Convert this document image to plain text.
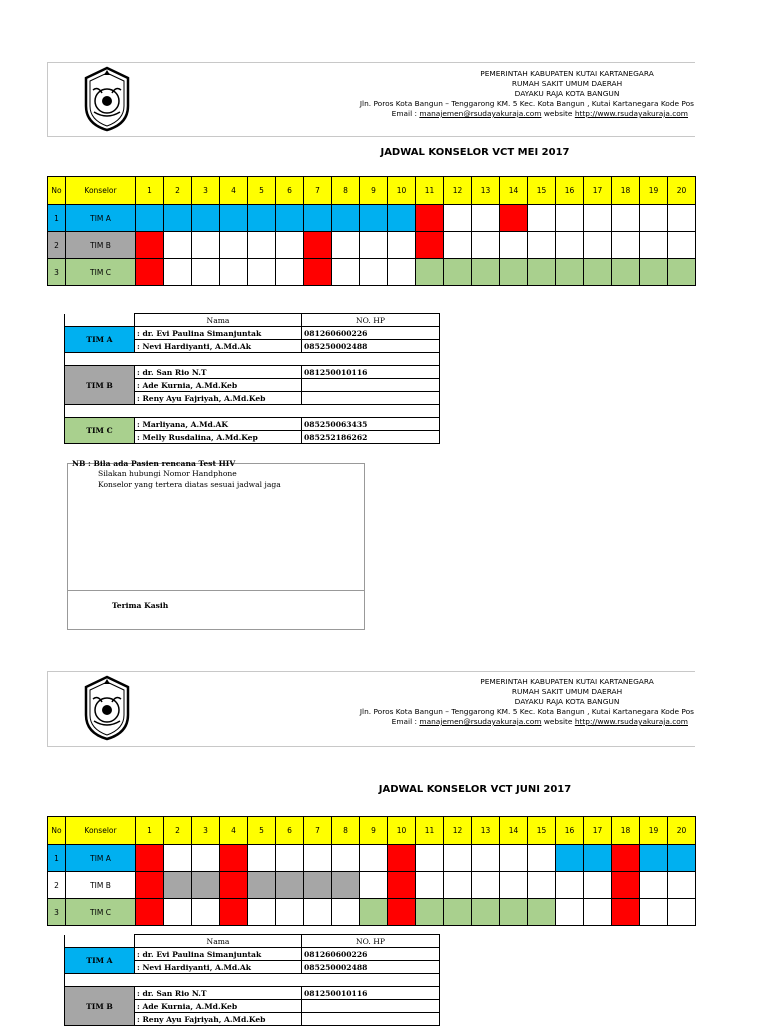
PEMERINTAH KABUPATEN KUTAI KARTANEGARA
RUMAH SAKIT UMUM DAERAH
DAYAKU RAJA KOTA BANGUN
Jln. Poros Kota Bangun – Tenggarong KM. 5 Kec. Kota Bangun , Kutai Kartanegara Kode Pos
Email : manajemen@rsudayakuraja.com website http://www.rsudayakuraja.com
JADWAL KONSELOR VCT MEI 2017
No	Konselor	1	2	3	4	5	6	7	8	9	10	11	12	13	14	15	16	17	18	19	20
1	TIM A																				
2	TIM B																				
3	TIM C																				
	Nama	NO. HP
TIM A	: dr. Evi Paulina Simanjuntak	081260600226
	: Nevi Hardiyanti, A.Md.Ak	085250002488

TIM B	: dr. San Rio N.T	081250010116
	: Ade Kurnia, A.Md.Keb	
	: Reny Ayu Fajriyah, A.Md.Keb	

TIM C	: Marliyana, A.Md.AK	085250063435
	: Melly Rusdalina, A.Md.Kep	085252186262
NB : Bila ada Pasien rencana Test HIV
Silakan hubungi Nomor Handphone
Konselor yang tertera diatas sesuai jadwal jaga
Terima Kasih
PEMERINTAH KABUPATEN KUTAI KARTANEGARA
RUMAH SAKIT UMUM DAERAH
DAYAKU RAJA KOTA BANGUN
Jln. Poros Kota Bangun – Tenggarong KM. 5 Kec. Kota Bangun , Kutai Kartanegara Kode Pos
Email : manajemen@rsudayakuraja.com website http://www.rsudayakuraja.com
JADWAL KONSELOR VCT JUNI 2017
No	Konselor	1	2	3	4	5	6	7	8	9	10	11	12	13	14	15	16	17	18	19	20
1	TIM A																				
2	TIM B																				
3	TIM C																				
	Nama	NO. HP
TIM A	: dr. Evi Paulina Simanjuntak	081260600226
	: Nevi Hardiyanti, A.Md.Ak	085250002488

TIM B	: dr. San Rio N.T	081250010116
	: Ade Kurnia, A.Md.Keb	
	: Reny Ayu Fajriyah, A.Md.Keb	
